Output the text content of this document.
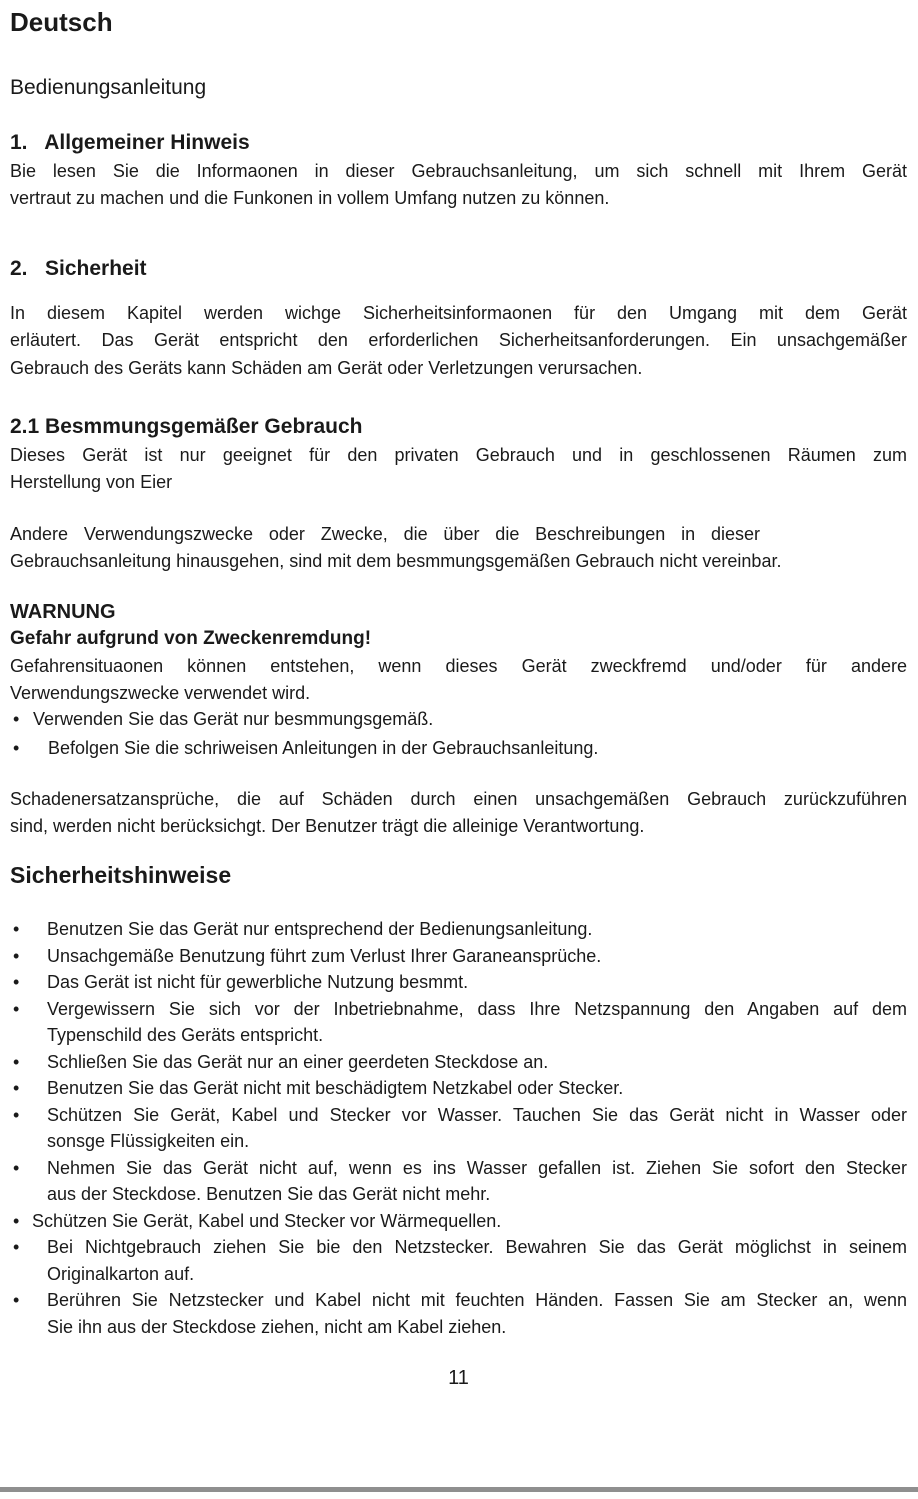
Deutsch
Bedienungsanleitung
1.   Allgemeiner Hinweis
Bie lesen Sie die Informaonen in dieser Gebrauchsanleitung, um sich schnell mit Ihrem Gerät
vertraut zu machen und die Funkonen in vollem Umfang nutzen zu können.
2.   Sicherheit
In diesem Kapitel werden wichge Sicherheitsinformaonen für den Umgang mit dem Gerät
erläutert. Das Gerät entspricht den erforderlichen Sicherheitsanforderungen. Ein unsachgemäßer
Gebrauch des Geräts kann Schäden am Gerät oder Verletzungen verursachen.
2.1 Besmmungsgemäßer Gebrauch
Dieses Gerät ist nur geeignet für den privaten Gebrauch und in geschlossenen Räumen zum
Herstellung von Eier
Andere Verwendungszwecke oder Zwecke, die über die Beschreibungen in dieser
Gebrauchsanleitung hinausgehen, sind mit dem besmmungsgemäßen Gebrauch nicht vereinbar.
WARNUNG
Gefahr aufgrund von Zweckenremdung!
Gefahrensituaonen können entstehen, wenn dieses Gerät zweckfremd und/oder für andere
Verwendungszwecke verwendet wird.
• Verwenden Sie das Gerät nur besmmungsgemäß.
• Befolgen Sie die schriweisen Anleitungen in der Gebrauchsanleitung.
Schadenersatzansprüche, die auf Schäden durch einen unsachgemäßen Gebrauch zurückzuführen
sind, werden nicht berücksichgt. Der Benutzer trägt die alleinige Verantwortung.
Sicherheitshinweise
• Benutzen Sie das Gerät nur entsprechend der Bedienungsanleitung.
• Unsachgemäße Benutzung führt zum Verlust Ihrer Garaneansprüche.
• Das Gerät ist nicht für gewerbliche Nutzung besmmt.
• Vergewissern Sie sich vor der Inbetriebnahme, dass Ihre Netzspannung den Angaben auf dem
Typenschild des Geräts entspricht.
• Schließen Sie das Gerät nur an einer geerdeten Steckdose an.
• Benutzen Sie das Gerät nicht mit beschädigtem Netzkabel oder Stecker.
• Schützen Sie Gerät, Kabel und Stecker vor Wasser. Tauchen Sie das Gerät nicht in Wasser oder
sonsge Flüssigkeiten ein.
• Nehmen Sie das Gerät nicht auf, wenn es ins Wasser gefallen ist. Ziehen Sie sofort den Stecker
aus der Steckdose. Benutzen Sie das Gerät nicht mehr.
• Schützen Sie Gerät, Kabel und Stecker vor Wärmequellen.
• Bei Nichtgebrauch ziehen Sie bie den Netzstecker. Bewahren Sie das Gerät möglichst in seinem
Originalkarton auf.
• Berühren Sie Netzstecker und Kabel nicht mit feuchten Händen. Fassen Sie am Stecker an, wenn
Sie ihn aus der Steckdose ziehen, nicht am Kabel ziehen.
11
